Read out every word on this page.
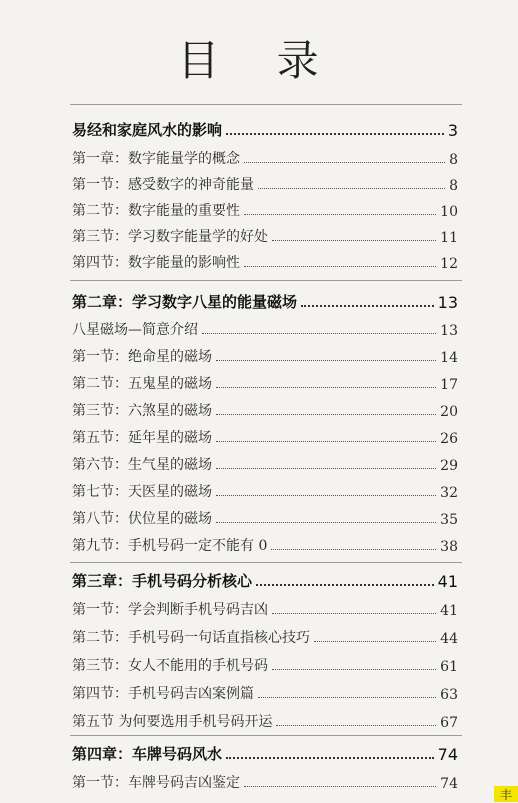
目 录
易经和家庭风水的影响	3
第一章：数字能量学的概念	8
第一节：感受数字的神奇能量	8
第二节：数字能量的重要性	10
第三节：学习数字能量学的好处	11
第四节：数字能量的影响性	12
第二章：学习数字八星的能量磁场	13
八星磁场—简意介绍	13
第一节：绝命星的磁场	14
第二节：五鬼星的磁场	17
第三节：六煞星的磁场	20
第五节：延年星的磁场	26
第六节：生气星的磁场	29
第七节：天医星的磁场	32
第八节：伏位星的磁场	35
第九节：手机号码一定不能有 0	38
第三章：手机号码分析核心	41
第一节：学会判断手机号码吉凶	41
第二节：手机号码一句话直指核心技巧	44
第三节：女人不能用的手机号码	61
第四节：手机号码吉凶案例篇	63
第五节 为何要选用手机号码开运	67
第四章：车牌号码风水	74
第一节：车牌号码吉凶鉴定	74
丰
